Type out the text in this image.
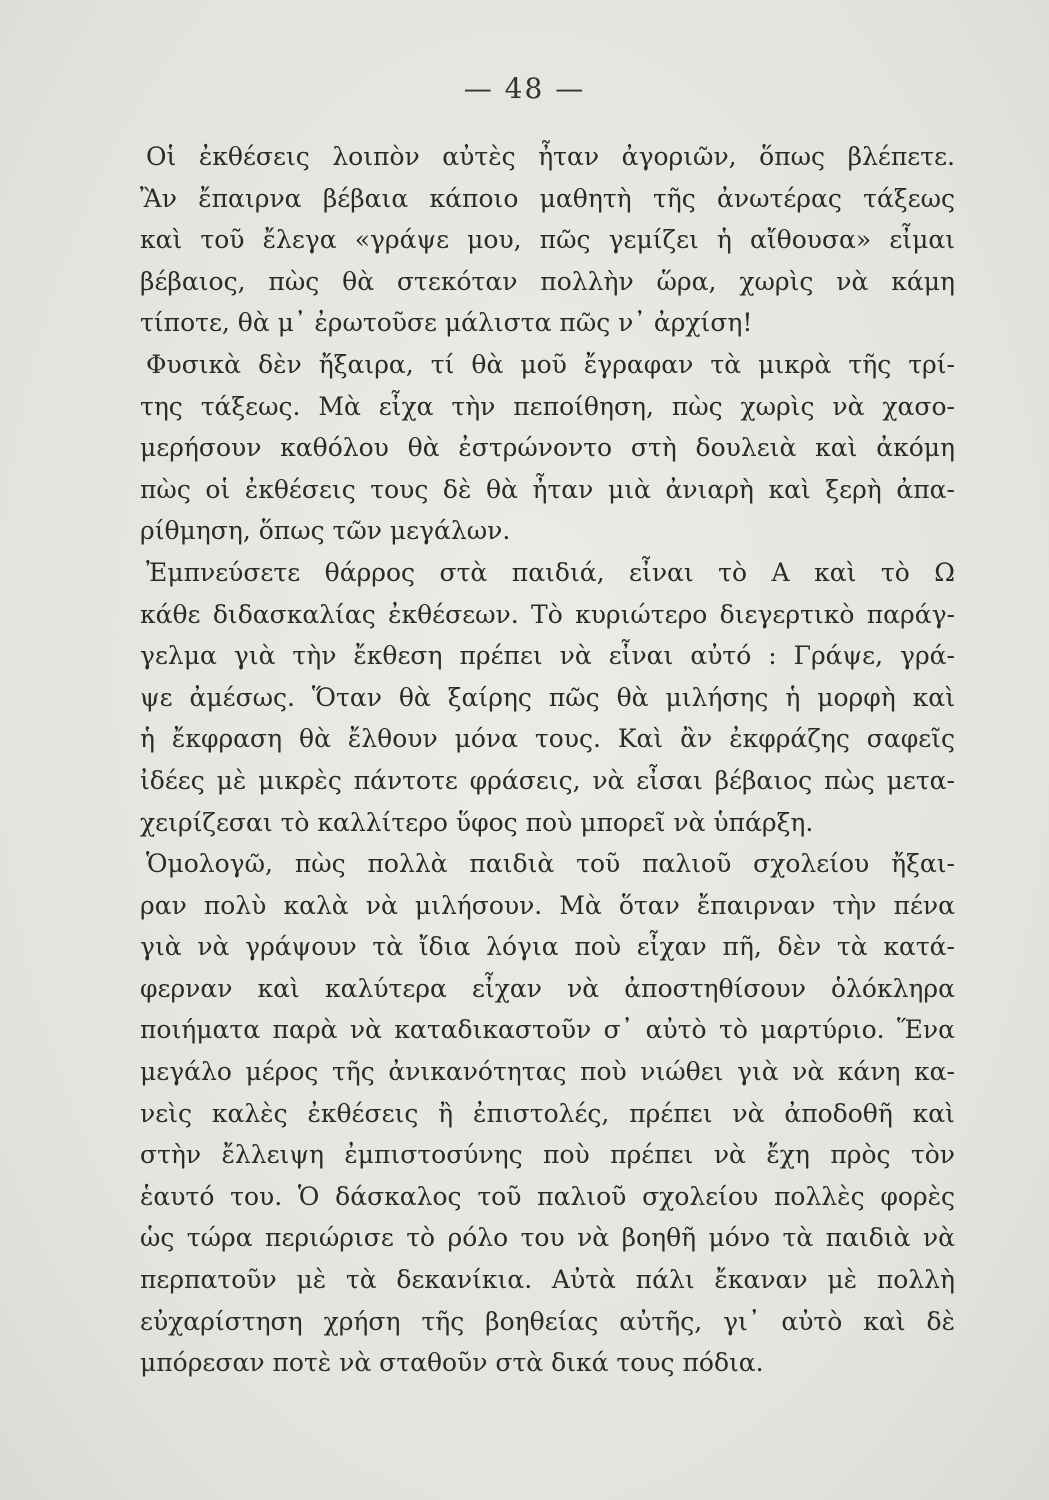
— 48 —
Οἱ ἐκθέσεις λοιπὸν αὐτὲς ἦταν ἀγοριῶν, ὅπως βλέπετε.
Ἂν ἔπαιρνα βέβαια κάποιο μαθητὴ τῆς ἀνωτέρας τάξεως
καὶ τοῦ ἔλεγα «γράψε μου, πῶς γεμίζει ἡ αἴθουσα» εἶμαι
βέβαιος, πὼς θὰ στεκόταν πολλὴν ὥρα, χωρὶς νὰ κάμη
τίποτε, θὰ μ᾿ ἐρωτοῦσε μάλιστα πῶς ν᾿ ἀρχίση!
Φυσικὰ δὲν ἤξαιρα, τί θὰ μοῦ ἔγραφαν τὰ μικρὰ τῆς τρί-
της τάξεως. Μὰ εἶχα τὴν πεποίθηση, πὼς χωρὶς νὰ χασο-
μερήσουν καθόλου θὰ ἐστρώνοντο στὴ δουλειὰ καὶ ἀκόμη
πὼς οἱ ἐκθέσεις τους δὲ θὰ ἦταν μιὰ ἀνιαρὴ καὶ ξερὴ ἀπα-
ρίθμηση, ὅπως τῶν μεγάλων.
Ἐμπνεύσετε θάρρος στὰ παιδιά, εἶναι τὸ Α καὶ τὸ Ω
κάθε διδασκαλίας ἐκθέσεων. Τὸ κυριώτερο διεγερτικὸ παράγ-
γελμα γιὰ τὴν ἔκθεση πρέπει νὰ εἶναι αὐτό : Γράψε, γρά-
ψε ἀμέσως. Ὅταν θὰ ξαίρης πῶς θὰ μιλήσης ἡ μορφὴ καὶ
ἡ ἔκφραση θὰ ἔλθουν μόνα τους. Καὶ ἂν ἐκφράζης σαφεῖς
ἰδέες μὲ μικρὲς πάντοτε φράσεις, νὰ εἶσαι βέβαιος πὼς μετα-
χειρίζεσαι τὸ καλλίτερο ὕφος ποὺ μπορεῖ νὰ ὑπάρξη.
Ὁμολογῶ, πὼς πολλὰ παιδιὰ τοῦ παλιοῦ σχολείου ἤξαι-
ραν πολὺ καλὰ νὰ μιλήσουν. Μὰ ὅταν ἔπαιρναν τὴν πένα
γιὰ νὰ γράψουν τὰ ἴδια λόγια ποὺ εἶχαν πῆ, δὲν τὰ κατά-
φερναν καὶ καλύτερα εἶχαν νὰ ἀποστηθίσουν ὁλόκληρα
ποιήματα παρὰ νὰ καταδικαστοῦν σ᾿ αὐτὸ τὸ μαρτύριο. Ἕνα
μεγάλο μέρος τῆς ἀνικανότητας ποὺ νιώθει γιὰ νὰ κάνη κα-
νεὶς καλὲς ἐκθέσεις ἢ ἐπιστολές, πρέπει νὰ ἀποδοθῆ καὶ
στὴν ἔλλειψη ἐμπιστοσύνης ποὺ πρέπει νὰ ἔχη πρὸς τὸν
ἑαυτό του. Ὁ δάσκαλος τοῦ παλιοῦ σχολείου πολλὲς φορὲς
ὡς τώρα περιώρισε τὸ ρόλο του νὰ βοηθῆ μόνο τὰ παιδιὰ νὰ
περπατοῦν μὲ τὰ δεκανίκια. Αὐτὰ πάλι ἔκαναν μὲ πολλὴ
εὐχαρίστηση χρήση τῆς βοηθείας αὐτῆς, γι᾿ αὐτὸ καὶ δὲ
μπόρεσαν ποτὲ νὰ σταθοῦν στὰ δικά τους πόδια.
